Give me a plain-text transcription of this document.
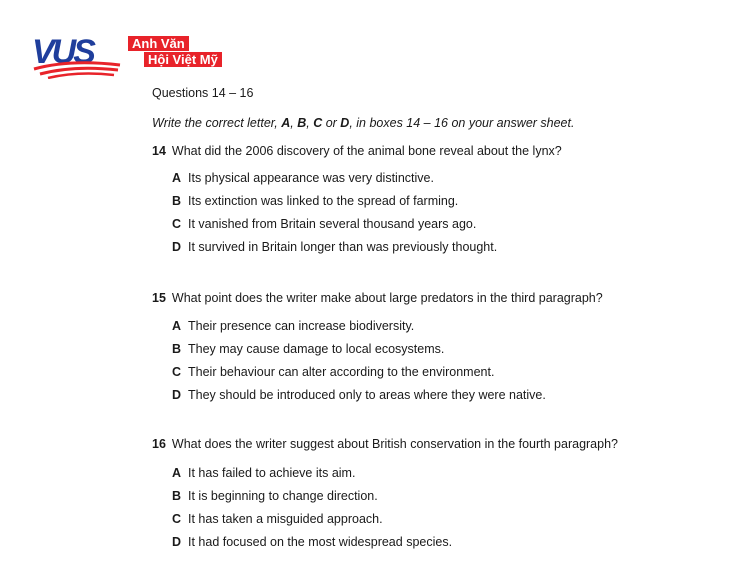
VUS	Anh Văn
Hội Việt Mỹ
Questions 14 – 16
Write the correct letter, A, B, C or D, in boxes 14 – 16 on your answer sheet.
14 What did the 2006 discovery of the animal bone reveal about the lynx?
A Its physical appearance was very distinctive.
B Its extinction was linked to the spread of farming.
C It vanished from Britain several thousand years ago.
D It survived in Britain longer than was previously thought.
15 What point does the writer make about large predators in the third paragraph?
A Their presence can increase biodiversity.
B They may cause damage to local ecosystems.
C Their behaviour can alter according to the environment.
D They should be introduced only to areas where they were native.
16 What does the writer suggest about British conservation in the fourth paragraph?
A It has failed to achieve its aim.
B It is beginning to change direction.
C It has taken a misguided approach.
D It had focused on the most widespread species.
